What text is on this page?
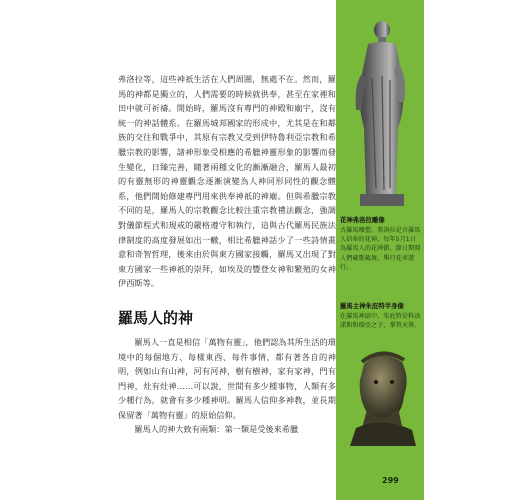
弗洛拉等，這些神祇生活在人們周圍，無處不在。然而，羅馬的神都是獨立的，人們需要的時候就供奉，甚至在家裡和田中就可祈禱。開始時，羅馬沒有專門的神殿和廟宇，沒有統一的神話體系。在羅馬城邦國家的形成中，尤其是在和鄰族的交往和戰爭中，其原有宗教又受到伊特魯利亞宗教和希臘宗教的影響，諸神形象受相應的希臘神靈形象的影響而發生變化，日臻完善，隨著兩種文化的漸漸融合，羅馬人最初的有靈無形的神靈觀念逐漸演變為人神同形同性的觀念體系，他們開始修建專門用來供奉神祇的神廟。但與希臘宗教不同的是，羅馬人的宗教觀念比較注重宗教禮法觀念，強調對儀節程式和規戒的嚴格遵守和執行，這與古代羅馬民族法律制度的高度發展如出一轍，相比希臘神話少了一些詩情畫意和奇智哲理，後來由於與東方國家接觸，羅馬又出現了對東方國家一些神祇的崇拜，如埃及的豐登女神和繁殖的女神伊西斯等。

羅馬人的神

羅馬人一直是相信「萬物有靈」，他們認為其所生活的環境中的每個地方、每樣東西、每件事情，都有著各自的神明，例如山有山神，河有河神，樹有樹神，家有家神，門有門神，灶有灶神……可以說，世間有多少種事物，人類有多少種行為，就會有多少種神明。羅馬人信仰多神教，並長期保留著「萬物有靈」的原始信仰。

羅馬人的神大致有兩類：第一類是受後來希臘

花神弗洛拉雕像
古羅馬雕塑，弗洛拉是古羅馬人信奉的花神，每年5月1日為羅馬人的花神節，節日期間人們載歌載舞，舉行花車遊行。
羅馬主神朱庇特半身像
在羅馬神話中，朱庇特是科洛諾斯和瑞亞之子，掌管天界。
299
